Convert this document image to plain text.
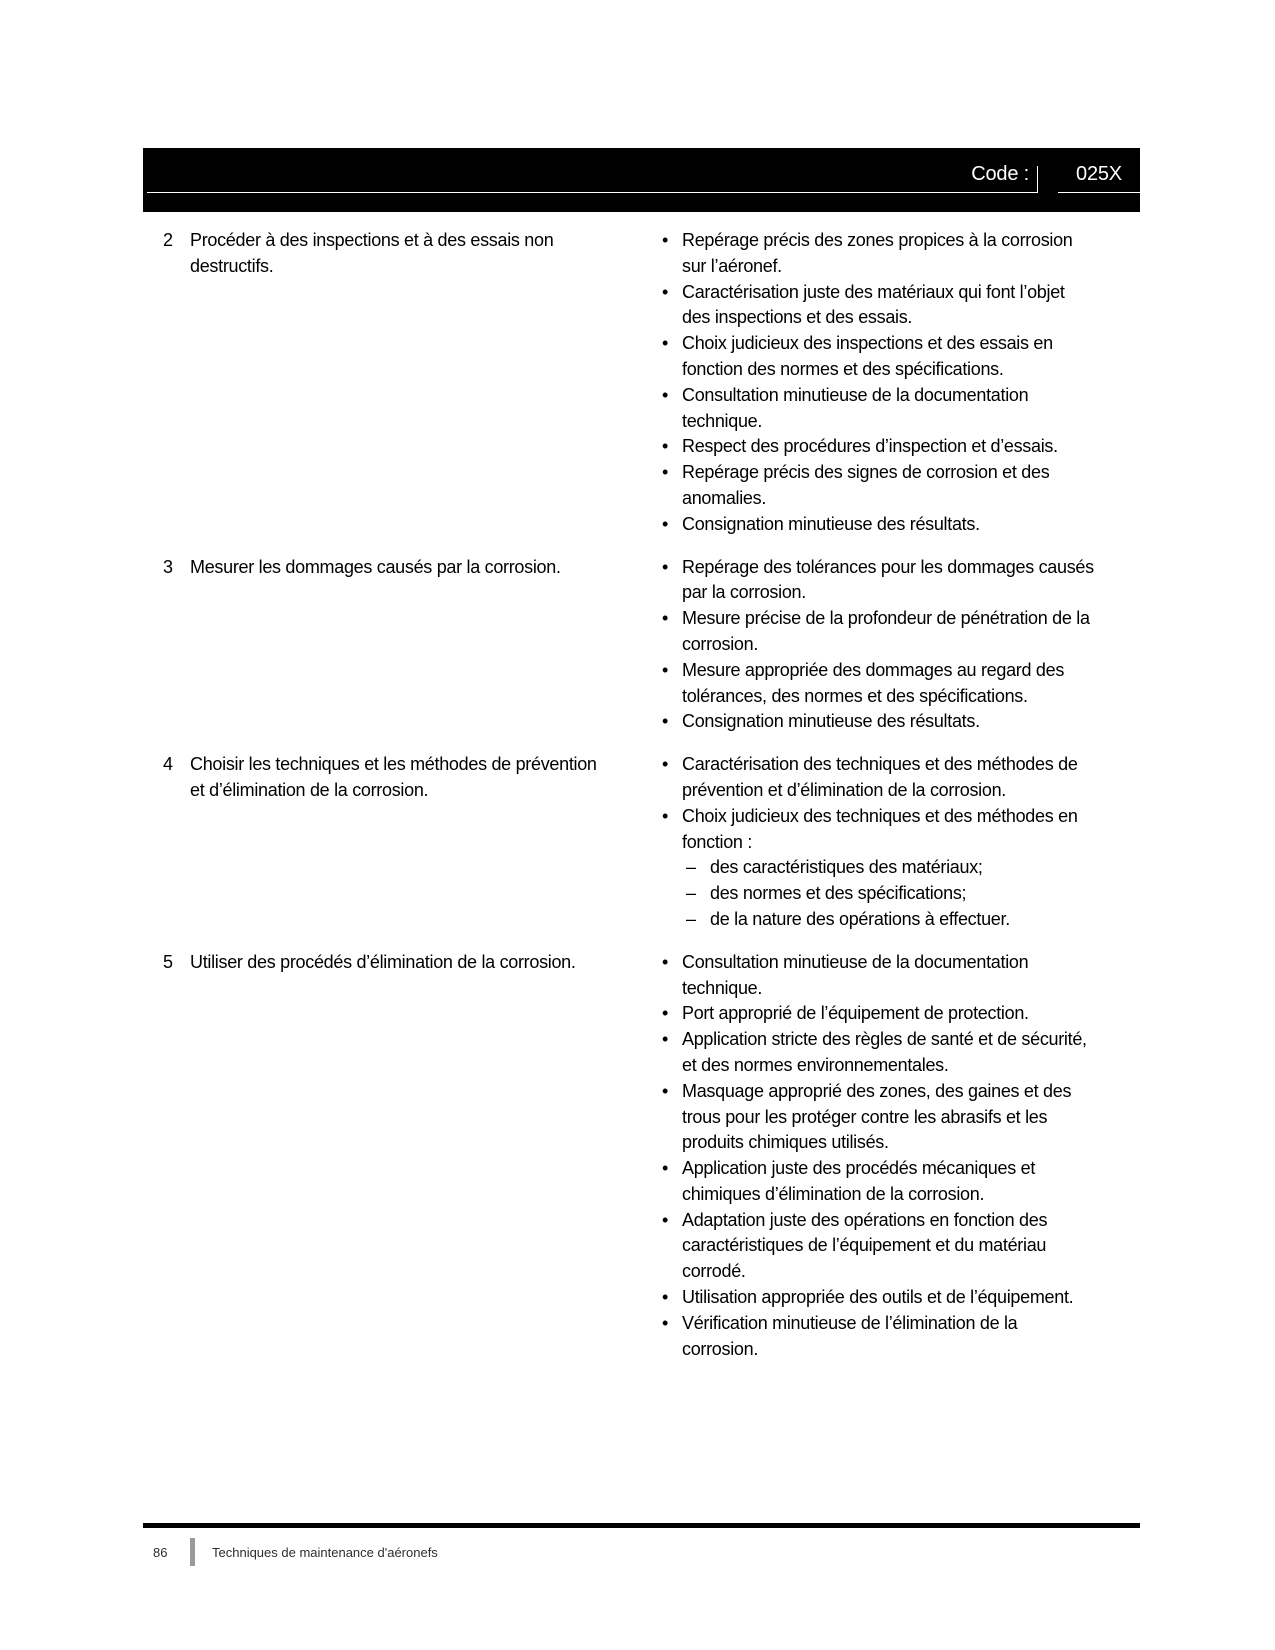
Code :	025X
2 Procéder à des inspections et à des essais non destructifs.
• Repérage précis des zones propices à la corrosion sur l’aéronef.
• Caractérisation juste des matériaux qui font l’objet des inspections et des essais.
• Choix judicieux des inspections et des essais en fonction des normes et des spécifications.
• Consultation minutieuse de la documentation technique.
• Respect des procédures d’inspection et d’essais.
• Repérage précis des signes de corrosion et des anomalies.
• Consignation minutieuse des résultats.
3 Mesurer les dommages causés par la corrosion.	• Repérage des tolérances pour les dommages causés par la corrosion.
• Mesure précise de la profondeur de pénétration de la corrosion.
• Mesure appropriée des dommages au regard des tolérances, des normes et des spécifications.
• Consignation minutieuse des résultats.
4 Choisir les techniques et les méthodes de prévention et d’élimination de la corrosion.
• Caractérisation des techniques et des méthodes de prévention et d’élimination de la corrosion.
• Choix judicieux des techniques et des méthodes en fonction :
– des caractéristiques des matériaux;
– des normes et des spécifications;
– de la nature des opérations à effectuer.
5 Utiliser des procédés d’élimination de la corrosion.	• Consultation minutieuse de la documentation technique.
• Port approprié de l’équipement de protection.
• Application stricte des règles de santé et de sécurité, et des normes environnementales.
• Masquage approprié des zones, des gaines et des trous pour les protéger contre les abrasifs et les produits chimiques utilisés.
• Application juste des procédés mécaniques et chimiques d’élimination de la corrosion.
• Adaptation juste des opérations en fonction des caractéristiques de l’équipement et du matériau corrodé.
• Utilisation appropriée des outils et de l’équipement.
• Vérification minutieuse de l’élimination de la corrosion.
86	Techniques de maintenance d'aéronefs
